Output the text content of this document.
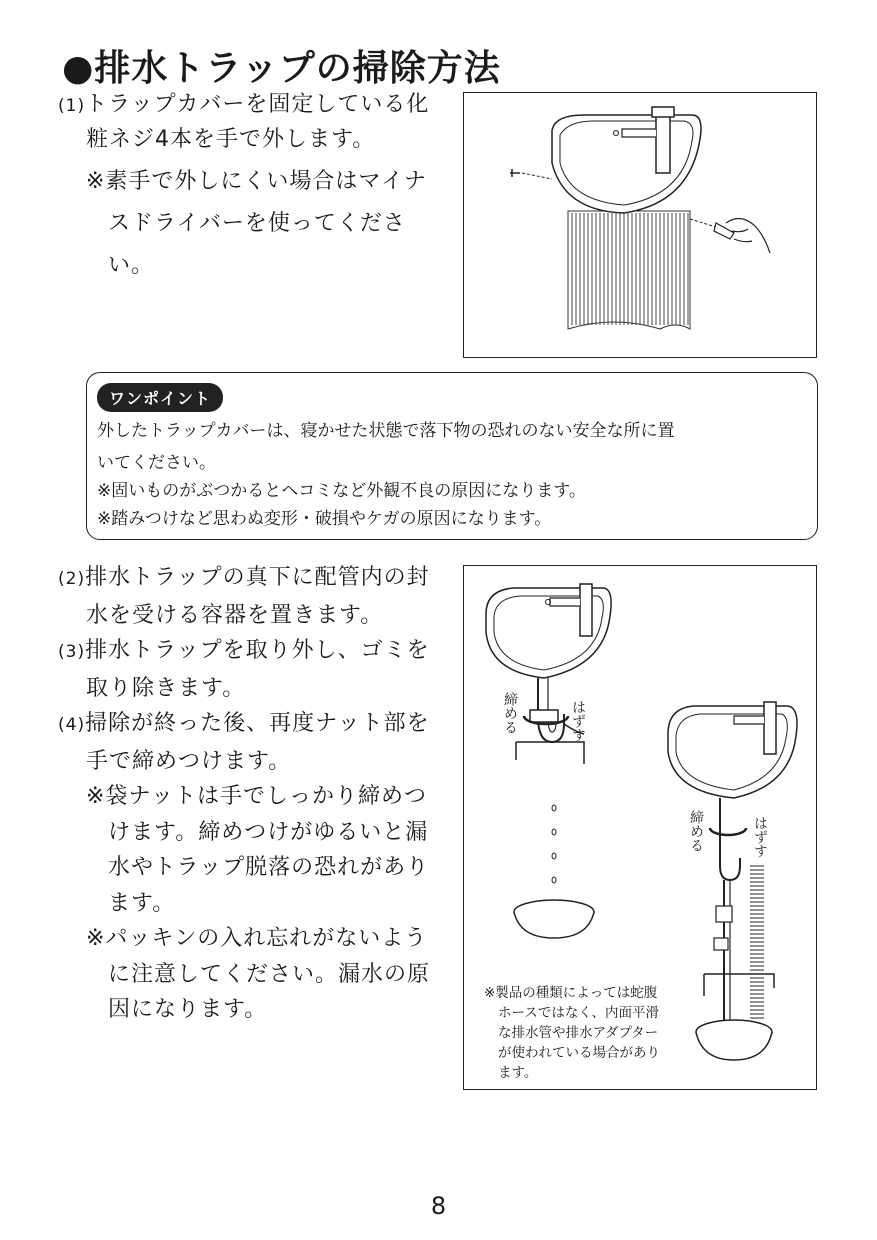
●排水トラップの掃除方法
(1)トラップカバーを固定している化
粧ネジ4本を手で外します。
※素手で外しにくい場合はマイナ
スドライバーを使ってくださ
い。
ワンポイント
外したトラップカバーは、寝かせた状態で落下物の恐れのない安全な所に置
いてください。
※固いものがぶつかるとヘコミなど外観不良の原因になります。
※踏みつけなど思わぬ変形・破損やケガの原因になります。
(2)排水トラップの真下に配管内の封
水を受ける容器を置きます。
(3)排水トラップを取り外し、ゴミを
取り除きます。
(4)掃除が終った後、再度ナット部を
手で締めつけます。
※袋ナットは手でしっかり締めつ
けます。締めつけがゆるいと漏
水やトラップ脱落の恐れがあり
ます。
※パッキンの入れ忘れがないよう
に注意してください。漏水の原
因になります。
締める	はずす
締める	はずす
※製品の種類によっては蛇腹
ホースではなく、内面平滑
な排水管や排水アダプター
が使われている場合があり
ます。
8
